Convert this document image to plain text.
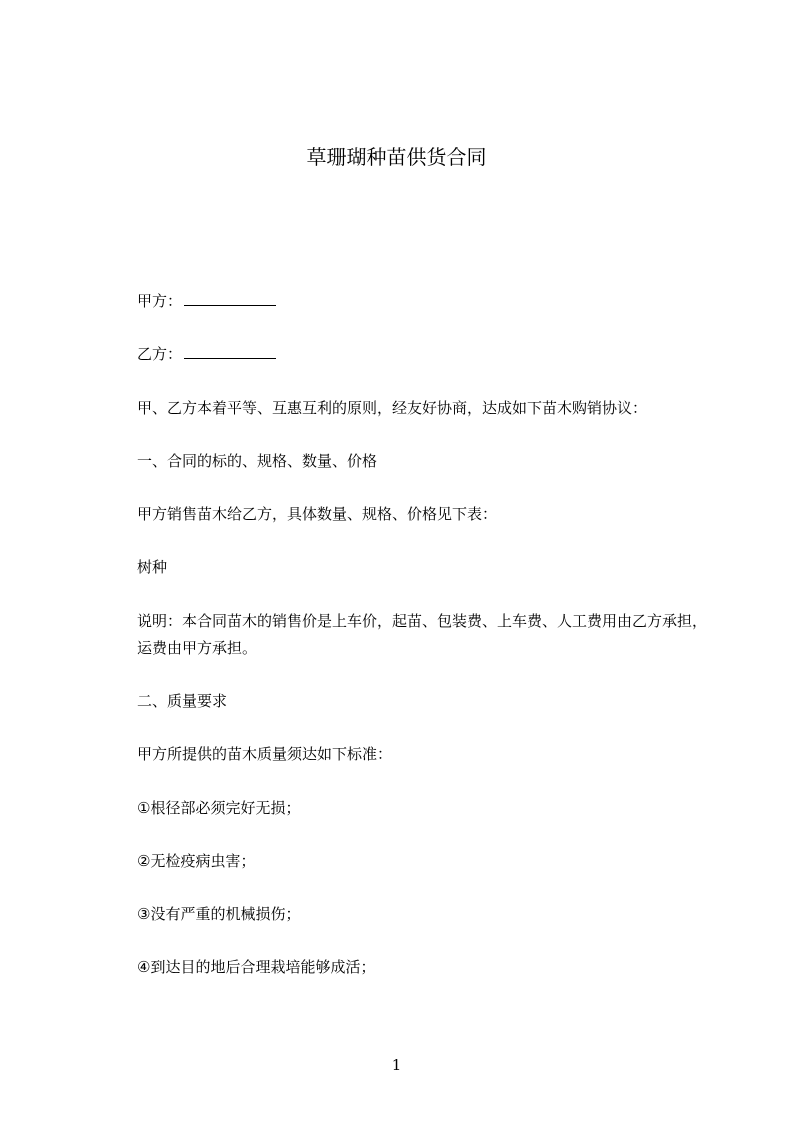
草珊瑚种苗供货合同
甲方：
乙方：
甲、乙方本着平等、互惠互利的原则，经友好协商，达成如下苗木购销协议：
一、合同的标的、规格、数量、价格
甲方销售苗木给乙方，具体数量、规格、价格见下表：
树种
说明：本合同苗木的销售价是上车价，起苗、包装费、上车费、人工费用由乙方承担，运费由甲方承担。
二、质量要求
甲方所提供的苗木质量须达如下标准：
①根径部必须完好无损；
②无检疫病虫害；
③没有严重的机械损伤；
④到达目的地后合理栽培能够成活；
1
